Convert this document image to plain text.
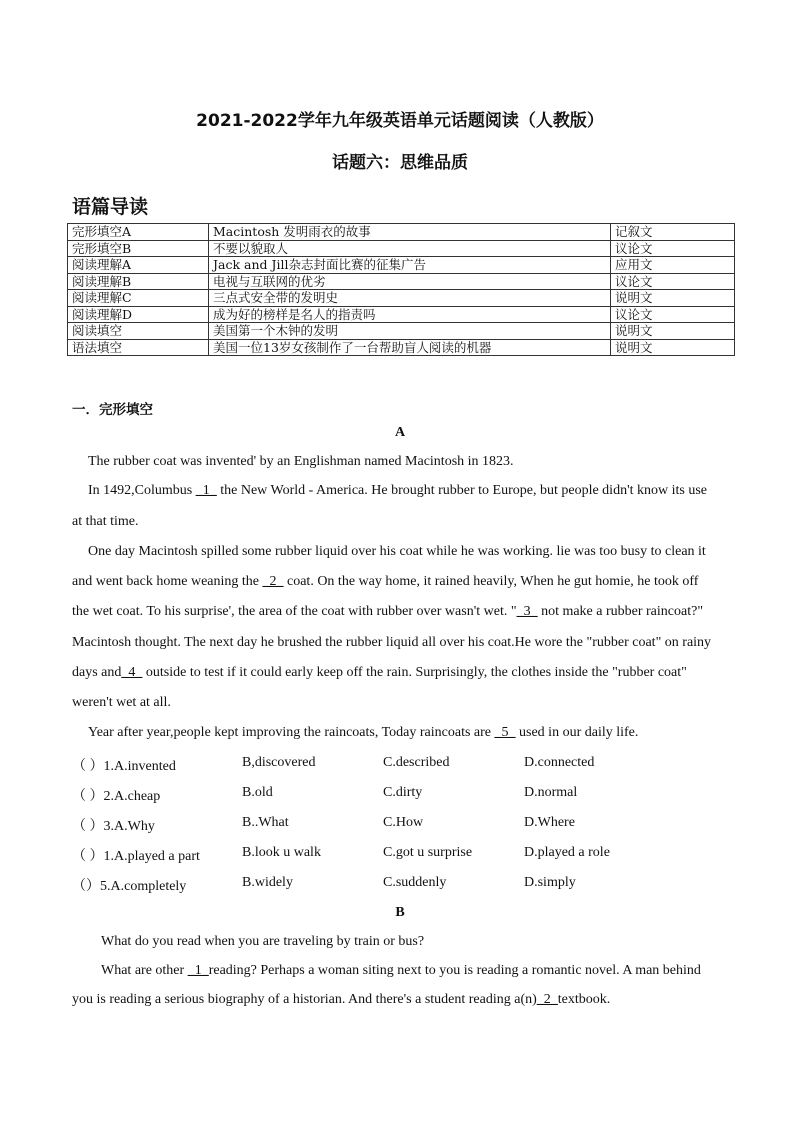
2021-2022学年九年级英语单元话题阅读（人教版）
话题六：思维品质
语篇导读
完形填空A	Macintosh 发明雨衣的故事	记叙文
完形填空B	不要以貌取人	议论文
阅读理解A	Jack and Jill杂志封面比赛的征集广告	应用文
阅读理解B	电视与互联网的优劣	议论文
阅读理解C	三点式安全带的发明史	说明文
阅读理解D	成为好的榜样是名人的指责吗	议论文
阅读填空	美国第一个木钟的发明	说明文
语法填空	美国一位13岁女孩制作了一台帮助盲人阅读的机器	说明文
一．完形填空
A
The rubber coat was invented' by an Englishman named Macintosh in 1823.
In 1492,Columbus _1_ the New World - America. He brought rubber to Europe, but people didn't know its use
at that time.
One day Macintosh spilled some rubber liquid over his coat while he was working. lie was too busy to clean it
and went back home weaning the _2_ coat. On the way home, it rained heavily, When he gut homie, he took off
the wet coat. To his surprise', the area of the coat with rubber over wasn't wet. "_3_ not make a rubber raincoat?"
Macintosh thought. The next day he brushed the rubber liquid all over his coat.He wore the "rubber coat" on rainy
days and_4_ outside to test if it could early keep off the rain. Surprisingly, the clothes inside the "rubber coat"
weren't wet at all.
Year after year,people kept improving the raincoats, Today raincoats are _5_ used in our daily life.
（ ）1.A.invented	B,discovered	C.described	D.connected
（ ）2.A.cheap	B.old	C.dirty	D.normal
（ ）3.A.Why	B..What	C.How	D.Where
（ ）1.A.played a part	B.look u walk	C.got u surprise	D.played a role
（）5.A.completely	B.widely	C.suddenly	D.simply
B
What do you read when you are traveling by train or bus?
What are other _1_reading? Perhaps a woman siting next to you is reading a romantic novel. A man behind
you is reading a serious biography of a historian. And there's a student reading a(n)_2_textbook.
